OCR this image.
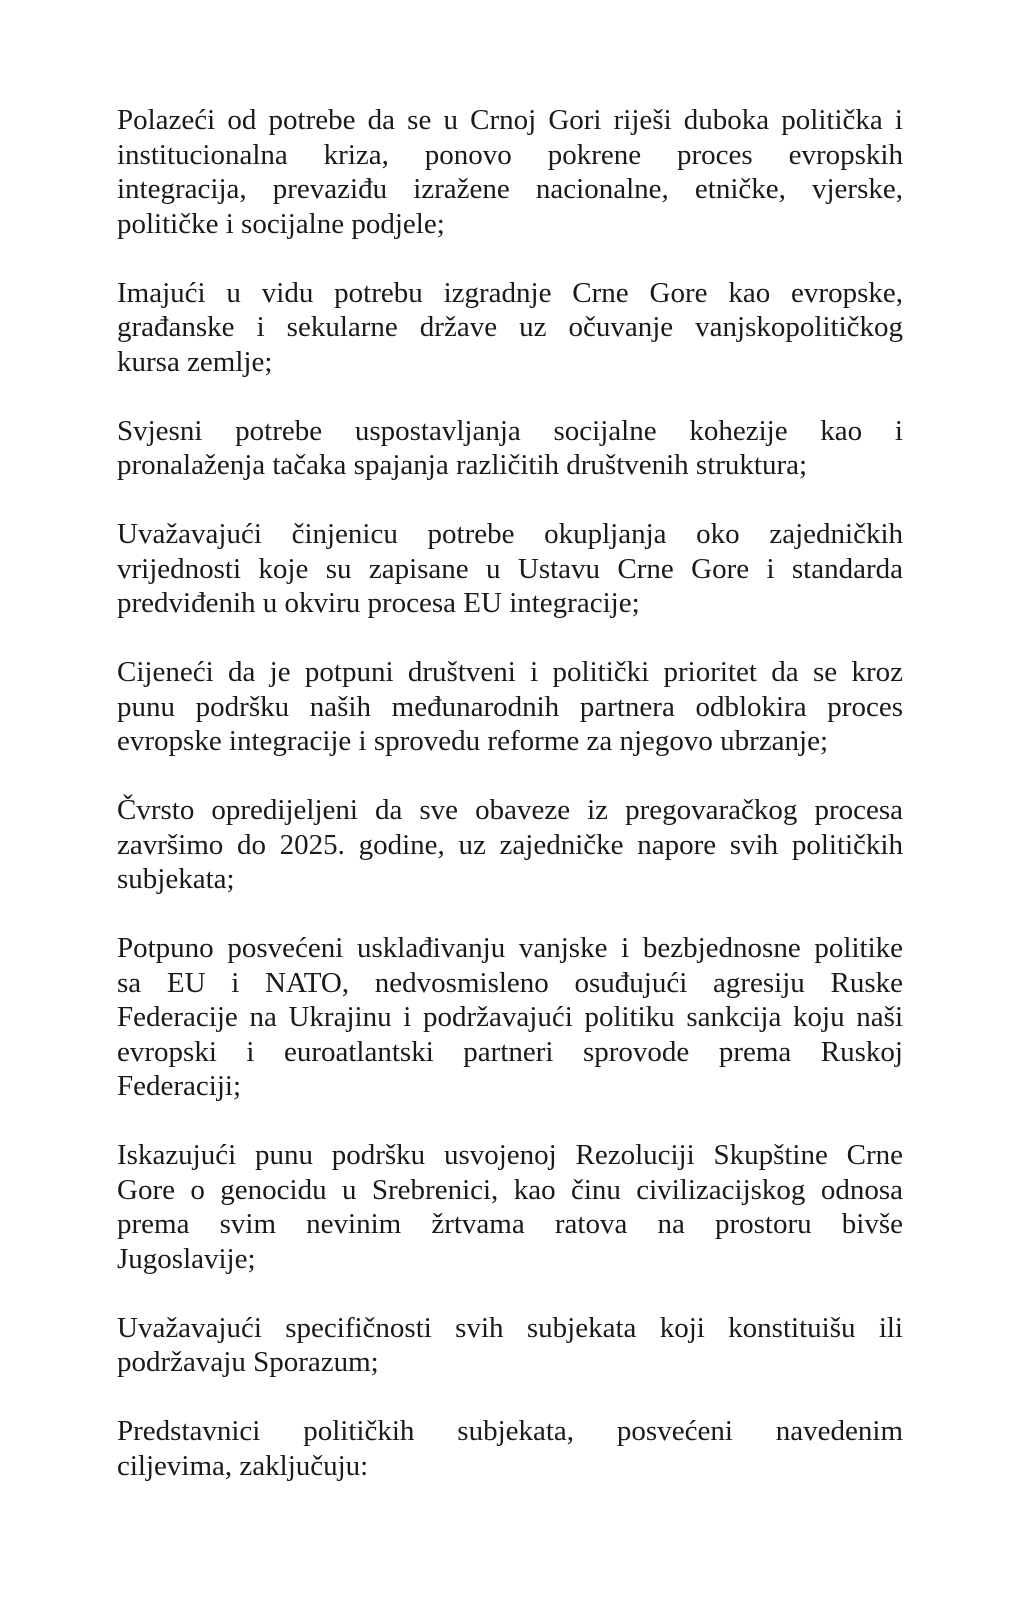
Polazeći od potrebe da se u Crnoj Gori riješi duboka politička i
institucionalna kriza, ponovo pokrene proces evropskih
integracija, prevaziđu izražene nacionalne, etničke, vjerske,
političke i socijalne podjele;

Imajući u vidu potrebu izgradnje Crne Gore kao evropske,
građanske i sekularne države uz očuvanje vanjskopolitičkog
kursa zemlje;

Svjesni potrebe uspostavljanja socijalne kohezije kao i
pronalaženja tačaka spajanja različitih društvenih struktura;

Uvažavajući činjenicu potrebe okupljanja oko zajedničkih
vrijednosti koje su zapisane u Ustavu Crne Gore i standarda
predviđenih u okviru procesa EU integracije;

Cijeneći da je potpuni društveni i politički prioritet da se kroz
punu podršku naših međunarodnih partnera odblokira proces
evropske integracije i sprovedu reforme za njegovo ubrzanje;

Čvrsto opredijeljeni da sve obaveze iz pregovaračkog procesa
završimo do 2025. godine, uz zajedničke napore svih političkih
subjekata;

Potpuno posvećeni usklađivanju vanjske i bezbjednosne politike
sa EU i NATO, nedvosmisleno osuđujući agresiju Ruske
Federacije na Ukrajinu i podržavajući politiku sankcija koju naši
evropski i euroatlantski partneri sprovode prema Ruskoj
Federaciji;

Iskazujući punu podršku usvojenoj Rezoluciji Skupštine Crne
Gore o genocidu u Srebrenici, kao činu civilizacijskog odnosa
prema svim nevinim žrtvama ratova na prostoru bivše
Jugoslavije;

Uvažavajući specifičnosti svih subjekata koji konstituišu ili
podržavaju Sporazum;

Predstavnici političkih subjekata, posvećeni navedenim
ciljevima, zaključuju:
